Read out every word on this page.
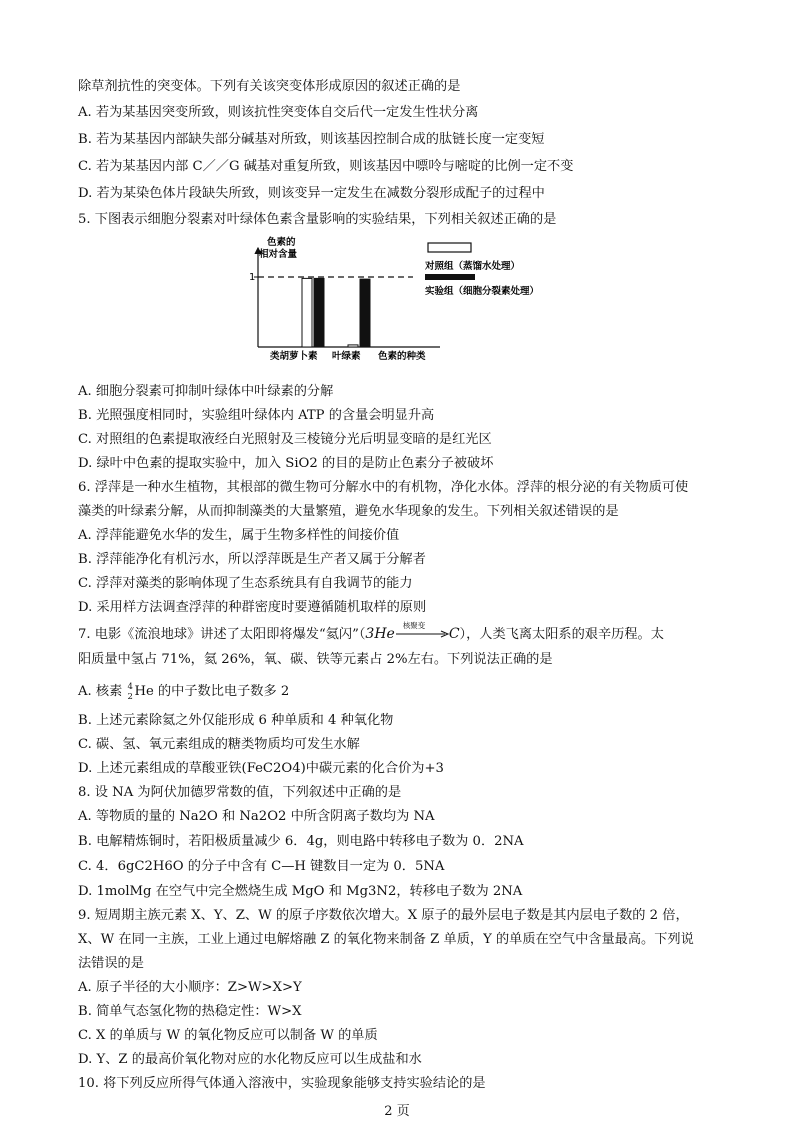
除草剂抗性的突变体。下列有关该突变体形成原因的叙述正确的是
A. 若为某基因突变所致，则该抗性突变体自交后代一定发生性状分离
B. 若为某基因内部缺失部分碱基对所致，则该基因控制合成的肽链长度一定变短
C. 若为某基因内部 C／／G 碱基对重复所致，则该基因中嘌呤与嘧啶的比例一定不变
D. 若为某染色体片段缺失所致，则该变异一定发生在减数分裂形成配子的过程中
5. 下图表示细胞分裂素对叶绿体色素含量影响的实验结果，下列相关叙述正确的是
色素的
相对含量
1
类胡萝卜素 叶绿素 色素的种类
对照组（蒸馏水处理）
实验组（细胞分裂素处理）
A. 细胞分裂素可抑制叶绿体中叶绿素的分解
B. 光照强度相同时，实验组叶绿体内 ATP 的含量会明显升高
C. 对照组的色素提取液经白光照射及三棱镜分光后明显变暗的是红光区
D. 绿叶中色素的提取实验中，加入 SiO2 的目的是防止色素分子被破坏
6. 浮萍是一种水生植物，其根部的微生物可分解水中的有机物，净化水体。浮萍的根分泌的有关物质可使
藻类的叶绿素分解，从而抑制藻类的大量繁殖，避免水华现象的发生。下列相关叙述错误的是
A. 浮萍能避免水华的发生，属于生物多样性的间接价值
B. 浮萍能净化有机污水，所以浮萍既是生产者又属于分解者
C. 浮萍对藻类的影响体现了生态系统具有自我调节的能力
D. 采用样方法调查浮萍的种群密度时要遵循随机取样的原则
7. 电影《流浪地球》讲述了太阳即将爆发“氦闪”（3He
核聚变
C），人类飞离太阳系的艰辛历程。太
阳质量中氢占 71%，氦 26%，氧、碳、铁等元素占 2%左右。下列说法正确的是
A. 核素 4
2 He 的中子数比电子数多 2
B. 上述元素除氦之外仅能形成 6 种单质和 4 种氧化物
C. 碳、氢、氧元素组成的糖类物质均可发生水解
D. 上述元素组成的草酸亚铁(FeC2O4)中碳元素的化合价为+3
8. 设 NA 为阿伏加德罗常数的值，下列叙述中正确的是
A. 等物质的量的 Na2O 和 Na2O2 中所含阴离子数均为 NA
B. 电解精炼铜时，若阳极质量减少 6．4g，则电路中转移电子数为 0．2NA
C. 4．6gC2H6O 的分子中含有 C—H 键数目一定为 0．5NA
D. 1molMg 在空气中完全燃烧生成 MgO 和 Mg3N2，转移电子数为 2NA
9. 短周期主族元素 X、Y、Z、W 的原子序数依次增大。X 原子的最外层电子数是其内层电子数的 2 倍，
X、W 在同一主族，工业上通过电解熔融 Z 的氧化物来制备 Z 单质，Y 的单质在空气中含量最高。下列说
法错误的是
A. 原子半径的大小顺序：Z>W>X>Y
B. 简单气态氢化物的热稳定性：W>X
C. X 的单质与 W 的氧化物反应可以制备 W 的单质
D. Y、Z 的最高价氧化物对应的水化物反应可以生成盐和水
10. 将下列反应所得气体通入溶液中，实验现象能够支持实验结论的是
2 页
